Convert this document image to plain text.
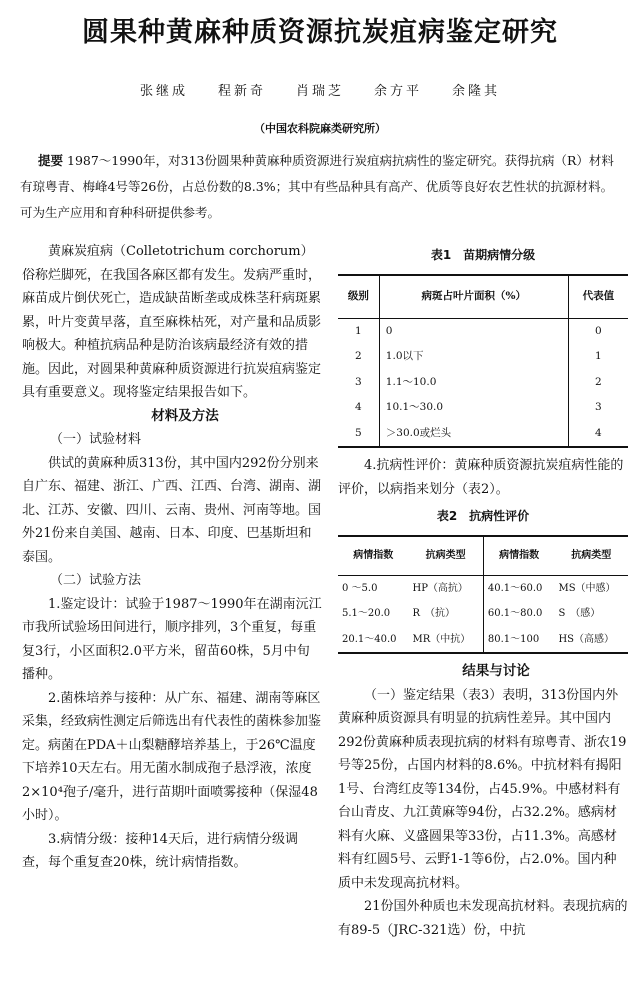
圆果种黄麻种质资源抗炭疽病鉴定研究
张继成 程新奇 肖瑞芝 余方平 余隆其
（中国农科院麻类研究所）
提要 1987～1990年，对313份圆果种黄麻种质资源进行炭疽病抗病性的鉴定研究。获得抗病（R）材料有琼粤青、梅峰4号等26份，占总份数的8.3%；其中有些品种具有高产、优质等良好农艺性状的抗源材料。可为生产应用和育种科研提供参考。

黄麻炭疽病（Colletotrichum corchorum）俗称烂脚死，在我国各麻区都有发生。发病严重时，麻苗成片倒伏死亡，造成缺苗断垄或成株茎秆病斑累累，叶片变黄早落，直至麻株枯死，对产量和品质影响极大。种植抗病品种是防治该病最经济有效的措施。因此，对圆果种黄麻种质资源进行抗炭疽病鉴定具有重要意义。现将鉴定结果报告如下。

材料及方法

（一）试验材料

供试的黄麻种质313份，其中国内292份分别来自广东、福建、浙江、广西、江西、台湾、湖南、湖北、江苏、安徽、四川、云南、贵州、河南等地。国外21份来自美国、越南、日本、印度、巴基斯坦和泰国。

（二）试验方法

1.鉴定设计：试验于1987～1990年在湖南沅江市我所试验场田间进行，顺序排列，3个重复，每重复3行，小区面积2.0平方米，留苗60株，5月中旬播种。

2.菌株培养与接种：从广东、福建、湖南等麻区采集，经致病性测定后筛选出有代表性的菌株参加鉴定。病菌在PDA＋山梨糖酵培养基上，于26℃温度下培养10天左右。用无菌水制成孢子悬浮液，浓度2×10⁴孢子/毫升，进行苗期叶面喷雾接种（保湿48小时）。

3.病情分级：接种14天后，进行病情分级调查，每个重复查20株，统计病情指数。

表1　苗期病情分级
级别	病斑占叶片面积（%）	代表值
1	0	0
2	1.0以下	1
3	1.1～10.0	2
4	10.1～30.0	3
5	＞30.0或烂头	4

4.抗病性评价：黄麻种质资源抗炭疽病性能的评价，以病指来划分（表2）。

表2　抗病性评价
病情指数	抗病类型	病情指数	抗病类型
0 ～5.0	HP（高抗）	40.1～60.0	MS（中感）
5.1～20.0	R　（抗）	60.1～80.0	S　（感）
20.1～40.0	MR（中抗）	80.1～100	HS（高感）

结果与讨论

（一）鉴定结果（表3）表明，313份国内外黄麻种质资源具有明显的抗病性差异。其中国内292份黄麻种质表现抗病的材料有琼粤青、浙农19号等25份，占国内材料的8.6%。中抗材料有揭阳1号、台湾红皮等134份，占45.9%。中感材料有台山青皮、九江黄麻等94份，占32.2%。感病材料有火麻、义盛圆果等33份，占11.3%。高感材料有红圆5号、云野1-1等6份，占2.0%。国内种质中未发现高抗材料。

21份国外种质也未发现高抗材料。表现抗病的有89-5（JRC-321选）份，中抗
